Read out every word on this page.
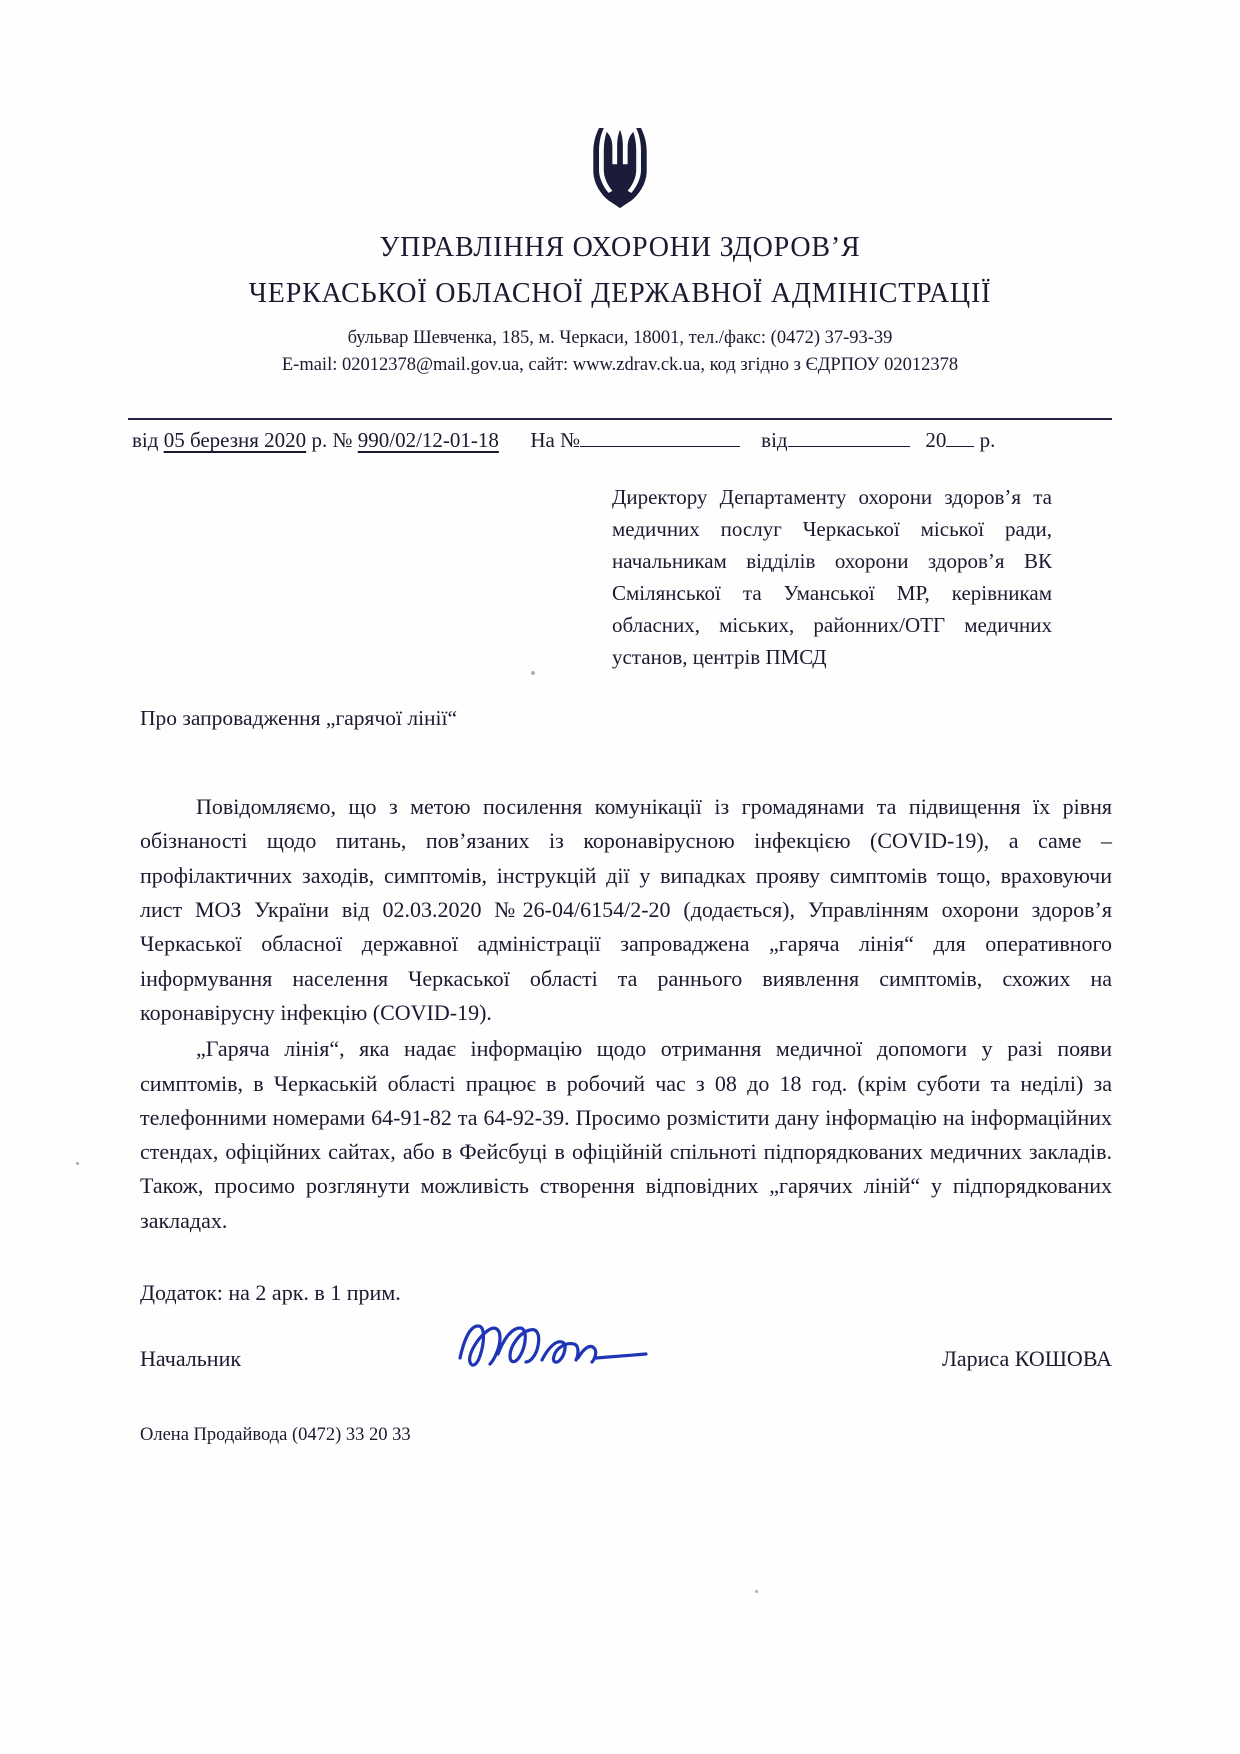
УПРАВЛІННЯ ОХОРОНИ ЗДОРОВ’Я
ЧЕРКАСЬКОЇ ОБЛАСНОЇ ДЕРЖАВНОЇ АДМІНІСТРАЦІЇ
бульвар Шевченка, 185, м. Черкаси, 18001, тел./факс: (0472) 37-93-39
E-mail: 02012378@mail.gov.ua, сайт: www.zdrav.ck.ua, код згідно з ЄДРПОУ 02012378
від 05 березня 2020 р. № 990/02/12-01-18 На №	від	20 р.
Директору Департаменту охорони здоров’я та медичних послуг Черкаської міської ради, начальникам відділів охорони здоров’я ВК Смілянської та Уманської МР, керівникам обласних, міських, районних/ОТГ медичних установ, центрів ПМСД
Про запровадження „гарячої лінії“

Повідомляємо, що з метою посилення комунікації із громадянами та підвищення їх рівня обізнаності щодо питань, пов’язаних із коронавірусною інфекцією (COVID-19), а саме – профілактичних заходів, симптомів, інструкцій дії у випадках прояву симптомів тощо, враховуючи лист МОЗ України від 02.03.2020 №26-04/6154/2-20 (додається), Управлінням охорони здоров’я Черкаської обласної державної адміністрації запроваджена „гаряча лінія“ для оперативного інформування населення Черкаської області та раннього виявлення симптомів, схожих на коронавірусну інфекцію (COVID-19).

„Гаряча лінія“, яка надає інформацію щодо отримання медичної допомоги у разі появи симптомів, в Черкаській області працює в робочий час з 08 до 18 год. (крім суботи та неділі) за телефонними номерами 64-91-82 та 64-92-39. Просимо розмістити дану інформацію на інформаційних стендах, офіційних сайтах, або в Фейсбуці в офіційній спільноті підпорядкованих медичних закладів. Також, просимо розглянути можливість створення відповідних „гарячих ліній“ у підпорядкованих закладах.

Додаток: на 2 арк. в 1 прим.
Начальник	Лариса КОШОВА
Олена Продайвода (0472) 33 20 33
